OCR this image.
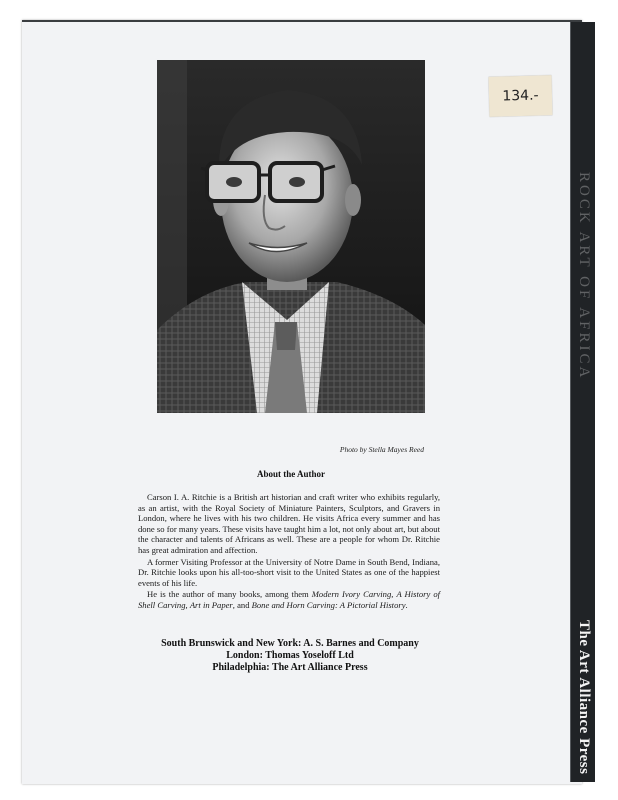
ROCK ART OF AFRICA
The Art Alliance Press
134.-
Photo by Stella Mayes Reed
About the Author

Carson I. A. Ritchie is a British art historian and craft writer who exhibits regularly, as an artist, with the Royal Society of Miniature Painters, Sculptors, and Gravers in London, where he lives with his two children. He visits Africa every summer and has done so for many years. These visits have taught him a lot, not only about art, but about the character and talents of Africans as well. These are a people for whom Dr. Ritchie has great admiration and affection.

A former Visiting Professor at the University of Notre Dame in South Bend, Indiana, Dr. Ritchie looks upon his all-too-short visit to the United States as one of the happiest events of his life.

He is the author of many books, among them Modern Ivory Carving, A History of Shell Carving, Art in Paper, and Bone and Horn Carving: A Pictorial History.

South Brunswick and New York: A. S. Barnes and Company
London: Thomas Yoseloff Ltd
Philadelphia: The Art Alliance Press
